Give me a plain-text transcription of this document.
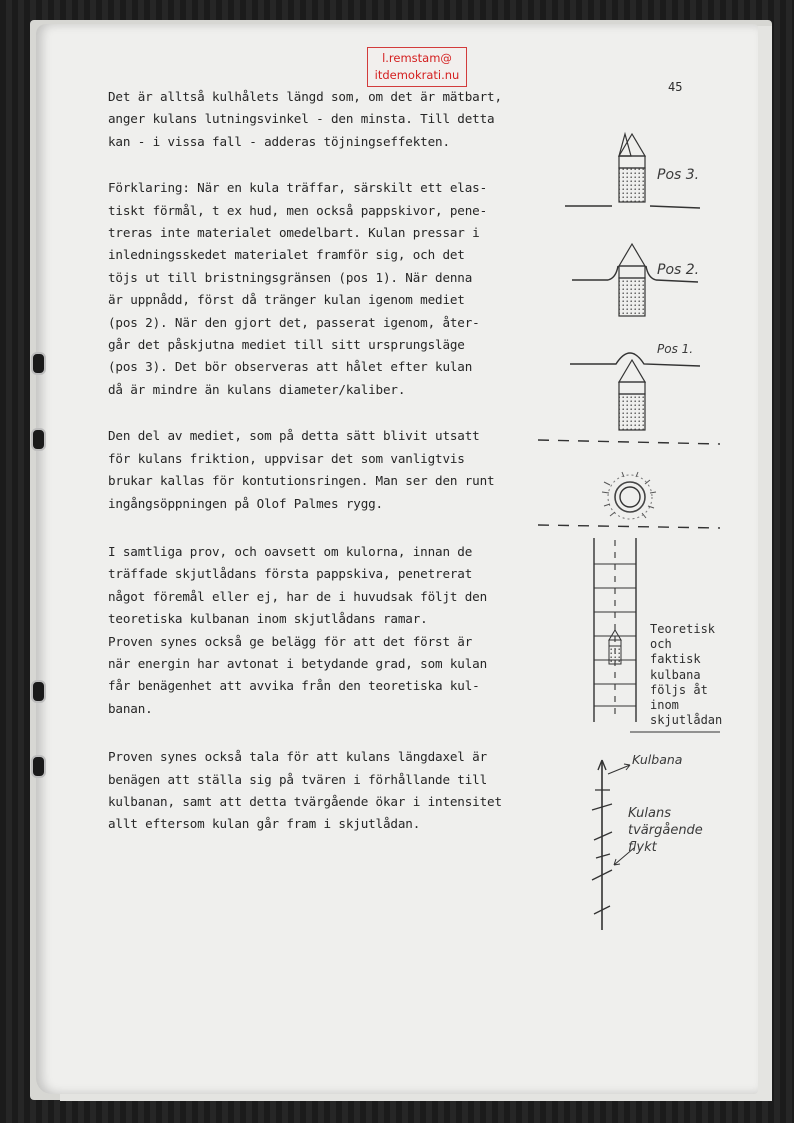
l.remstam@
itdemokrati.nu
45
Det är alltså kulhålets längd som, om det är mätbart,
anger kulans lutningsvinkel - den minsta. Till detta
kan - i vissa fall - adderas töjningseffekten.
Förklaring: När en kula träffar, särskilt ett elas-
tiskt förmål, t ex hud, men också pappskivor, pene-
treras inte materialet omedelbart. Kulan pressar i
inledningsskedet materialet framför sig, och det
töjs ut till bristningsgränsen (pos 1). När denna
är uppnådd, först då tränger kulan igenom mediet
(pos 2). När den gjort det, passerat igenom, åter-
går det påskjutna mediet till sitt ursprungsläge
(pos 3). Det bör observeras att hålet efter kulan
då är mindre än kulans diameter/kaliber.
Den del av mediet, som på detta sätt blivit utsatt
för kulans friktion, uppvisar det som vanligtvis
brukar kallas för kontutionsringen. Man ser den runt
ingångsöppningen på Olof Palmes rygg.
I samtliga prov, och oavsett om kulorna, innan de
träffade skjutlådans första pappskiva, penetrerat
något föremål eller ej, har de i huvudsak följt den
teoretiska kulbanan inom skjutlådans ramar.
Proven synes också ge belägg för att det först är
när energin har avtonat i betydande grad, som kulan
får benägenhet att avvika från den teoretiska kul-
banan.
Proven synes också tala för att kulans längdaxel är
benägen att ställa sig på tvären i förhållande till
kulbanan, samt att detta tvärgående ökar i intensitet
allt eftersom kulan går fram i skjutlådan.
Pos 3.
Pos 2.
Pos 1.
Teoretisk
och
faktisk
kulbana
följs åt
inom
skjutlådan
Kulbana
Kulans
tvärgående
flykt
